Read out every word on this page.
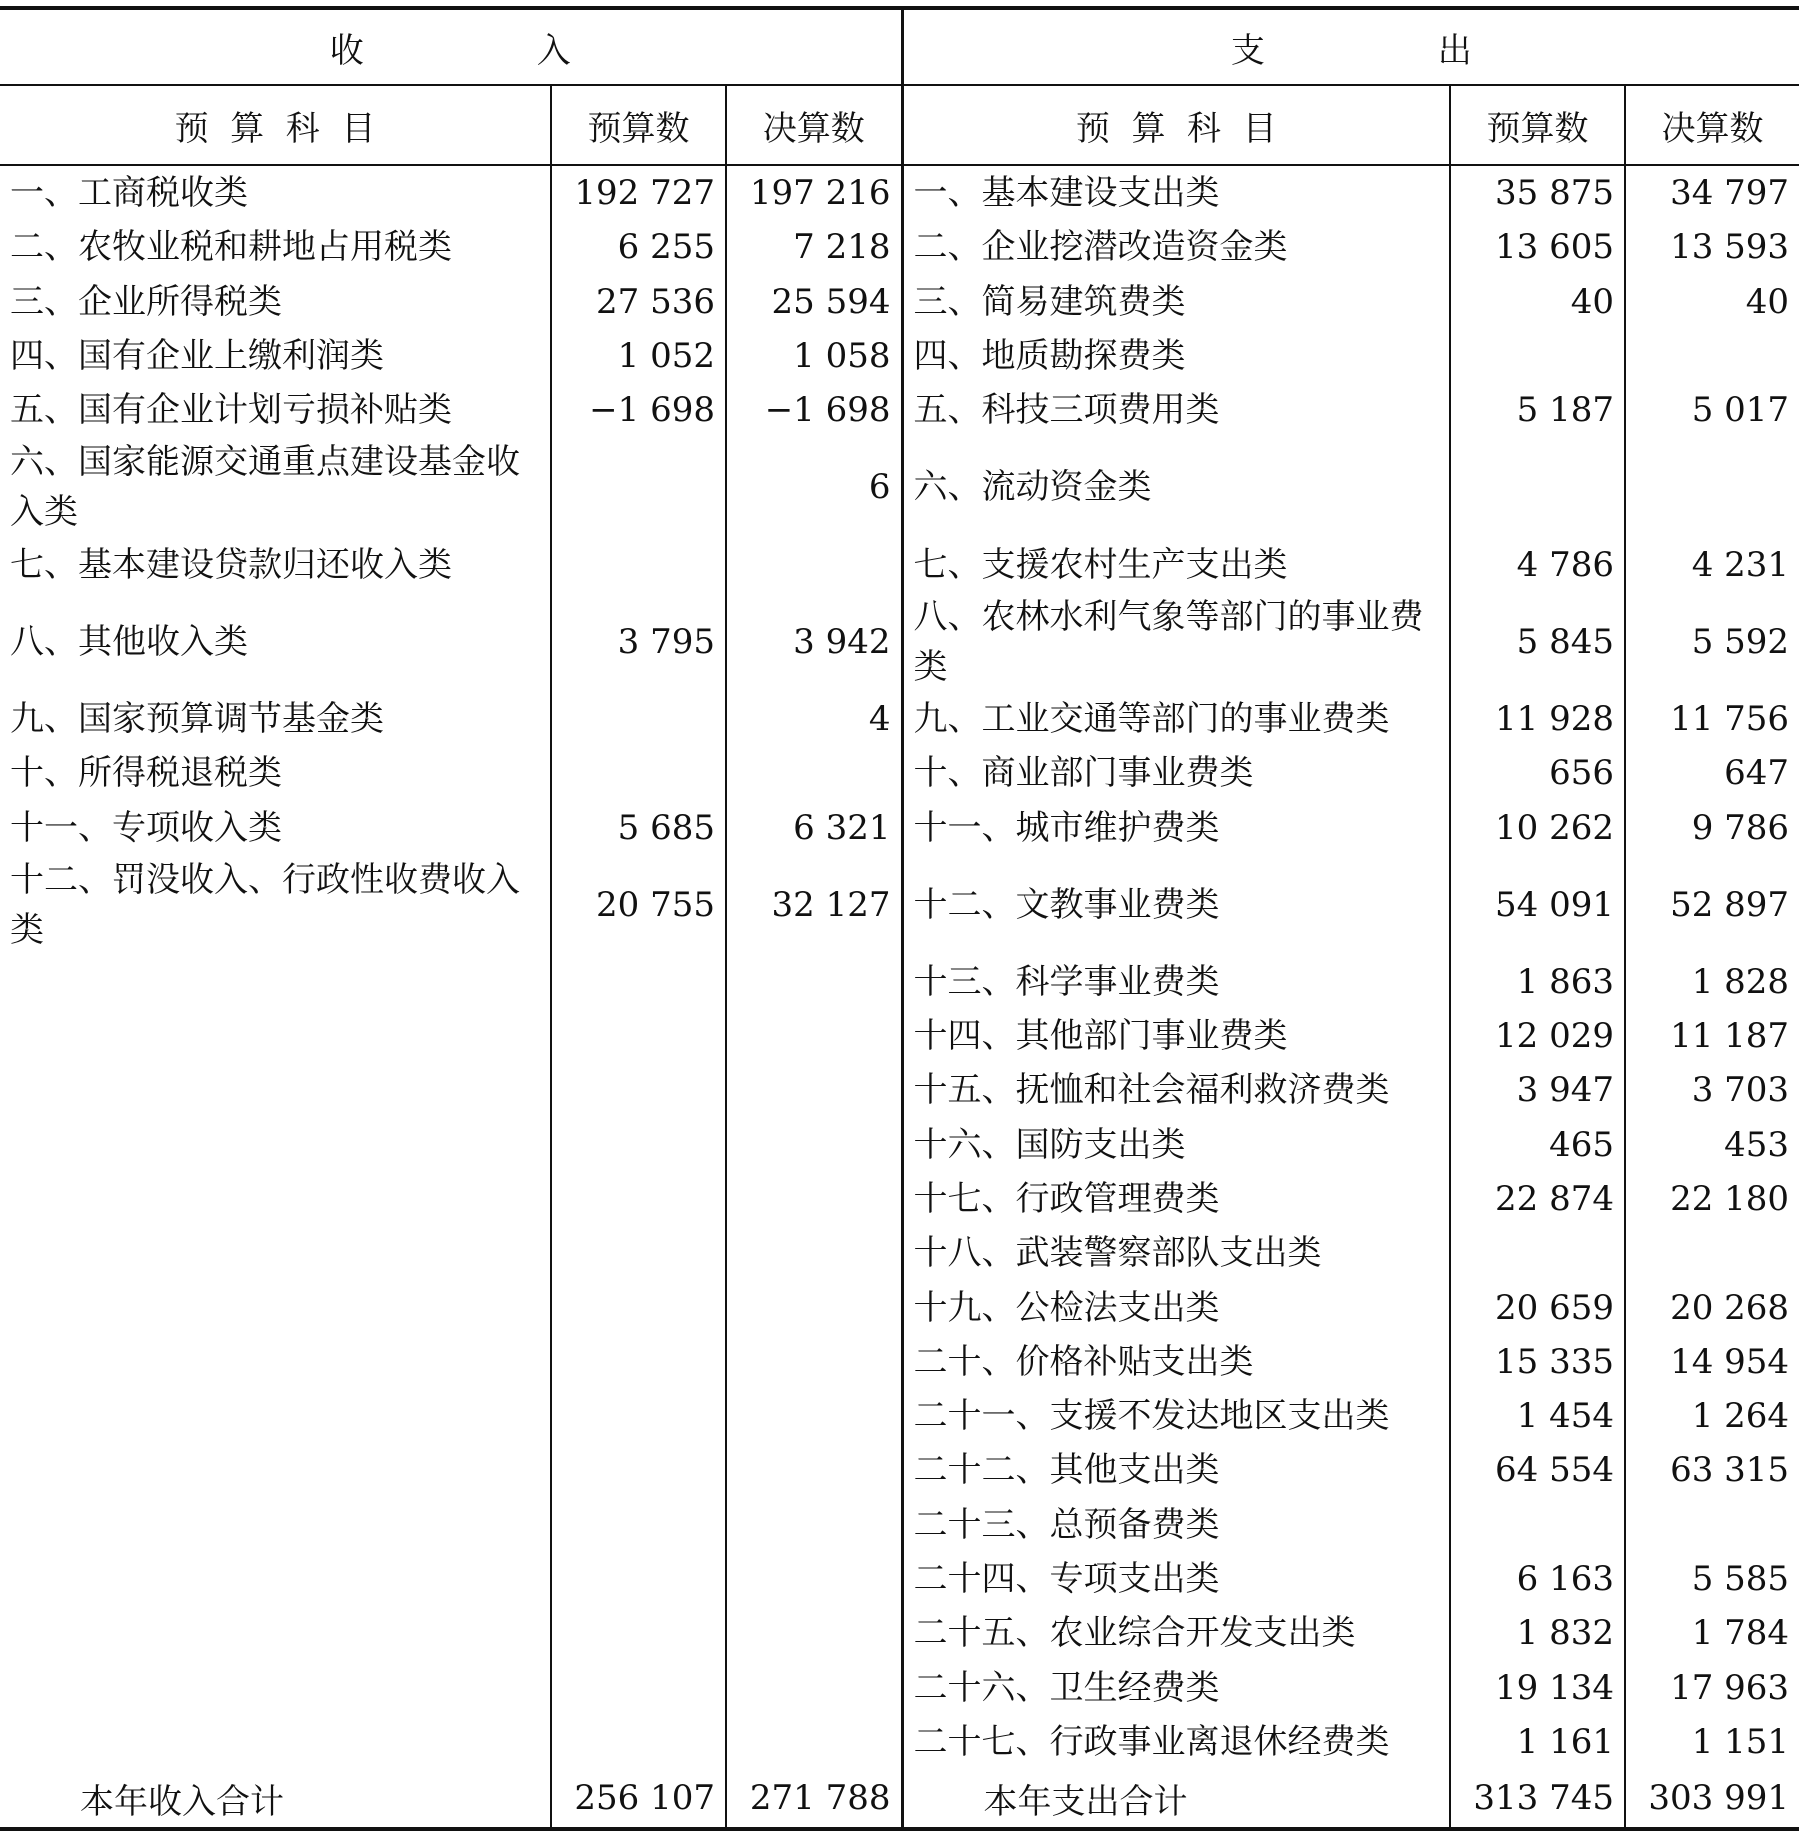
收                入			支                出		
预  算  科  目	预算数	决算数	预  算  科  目	预算数	决算数

一、工商税收类	192 727	197 216	一、基本建设支出类	35 875	34 797

二、农牧业税和耕地占用税类	6 255	7 218	二、企业挖潜改造资金类	13 605	13 593

三、企业所得税类	27 536	25 594	三、简易建筑费类	40	40

四、国有企业上缴利润类	1 052	1 058	四、地质勘探费类		

五、国有企业计划亏损补贴类	−1 698	−1 698	五、科技三项费用类	5 187	5 017

六、国家能源交通重点建设基金收入类		6	六、流动资金类		

七、基本建设贷款归还收入类			七、支援农村生产支出类	4 786	4 231

八、其他收入类	3 795	3 942	八、农林水利气象等部门的事业费类	5 845	5 592

九、国家预算调节基金类		4	九、工业交通等部门的事业费类	11 928	11 756

十、所得税退税类			十、商业部门事业费类	656	647

十一、专项收入类	5 685	6 321	十一、城市维护费类	10 262	9 786

十二、罚没收入、行政性收费收入类	20 755	32 127	十二、文教事业费类	54 091	52 897

			十三、科学事业费类	1 863	1 828

			十四、其他部门事业费类	12 029	11 187

			十五、抚恤和社会福利救济费类	3 947	3 703

			十六、国防支出类	465	453

			十七、行政管理费类	22 874	22 180

			十八、武装警察部队支出类		

			十九、公检法支出类	20 659	20 268

			二十、价格补贴支出类	15 335	14 954

			二十一、支援不发达地区支出类	1 454	1 264

			二十二、其他支出类	64 554	63 315

			二十三、总预备费类		

			二十四、专项支出类	6 163	5 585

			二十五、农业综合开发支出类	1 832	1 784

			二十六、卫生经费类	19 134	17 963

			二十七、行政事业离退休经费类	1 161	1 151
本年收入合计	256 107	271 788	本年支出合计	313 745	303 991
